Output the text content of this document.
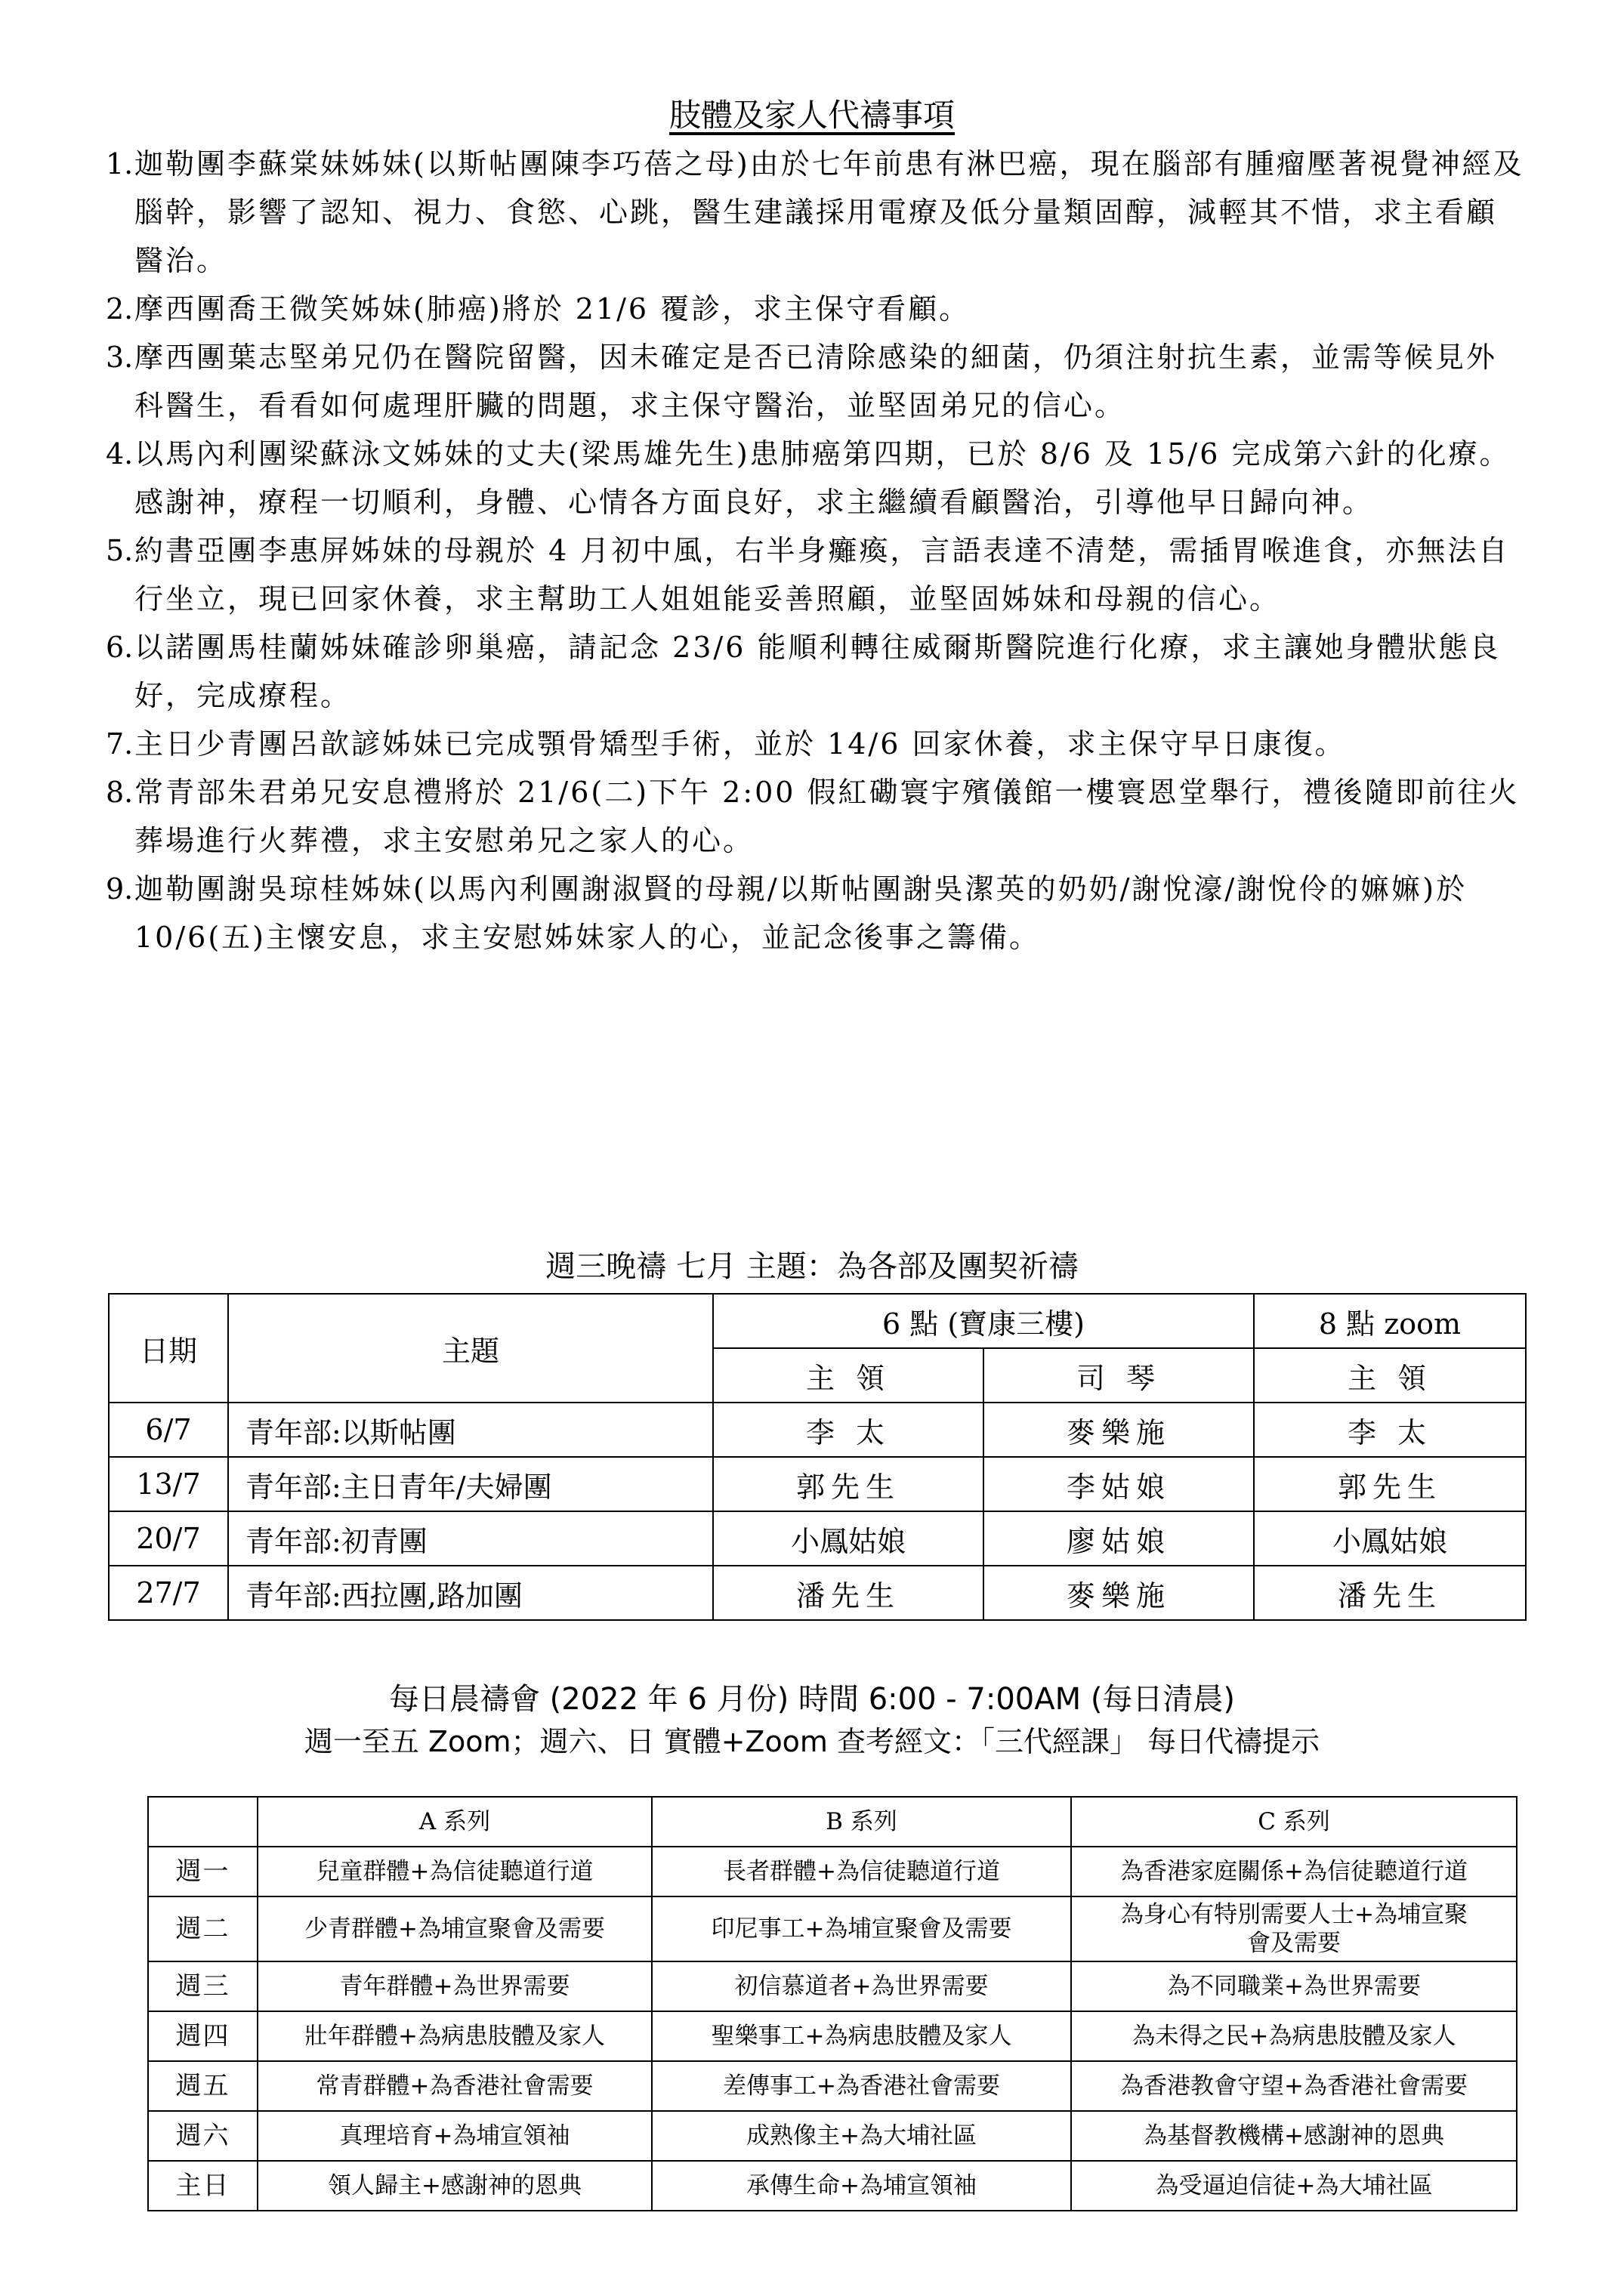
肢體及家人代禱事項
1. 迦勒團李蘇棠妹姊妹(以斯帖團陳李巧蓓之母)由於七年前患有淋巴癌，現在腦部有腫瘤壓著視覺神經及腦幹，影響了認知、視力、食慾、心跳，醫生建議採用電療及低分量類固醇，減輕其不惜，求主看顧醫治。
2. 摩西團喬王微笑姊妹(肺癌)將於 21/6 覆診，求主保守看顧。
3. 摩西團葉志堅弟兄仍在醫院留醫，因未確定是否已清除感染的細菌，仍須注射抗生素，並需等候見外科醫生，看看如何處理肝臟的問題，求主保守醫治，並堅固弟兄的信心。
4. 以馬內利團梁蘇泳文姊妹的丈夫(梁馬雄先生)患肺癌第四期，已於 8/6 及 15/6 完成第六針的化療。感謝神，療程一切順利，身體、心情各方面良好，求主繼續看顧醫治，引導他早日歸向神。
5. 約書亞團李惠屏姊妹的母親於 4 月初中風，右半身癱瘓，言語表達不清楚，需插胃喉進食，亦無法自行坐立，現已回家休養，求主幫助工人姐姐能妥善照顧，並堅固姊妹和母親的信心。
6. 以諾團馬桂蘭姊妹確診卵巢癌，請記念 23/6 能順利轉往威爾斯醫院進行化療，求主讓她身體狀態良好，完成療程。
7. 主日少青團呂歆諺姊妹已完成顎骨矯型手術，並於 14/6 回家休養，求主保守早日康復。
8. 常青部朱君弟兄安息禮將於 21/6(二)下午 2:00 假紅磡寰宇殯儀館一樓寰恩堂舉行，禮後隨即前往火葬場進行火葬禮，求主安慰弟兄之家人的心。
9. 迦勒團謝吳琼桂姊妹(以馬內利團謝淑賢的母親/以斯帖團謝吳潔英的奶奶/謝悅濠/謝悅伶的嫲嫲)於 10/6(五)主懷安息，求主安慰姊妹家人的心，並記念後事之籌備。
週三晚禱 七月 主題：為各部及團契祈禱
日期	主題	6 點 (寶康三樓)		8 點 zoom
		主 領	司 琴	主 領
6/7	青年部:以斯帖團	李 太	麥樂施	李 太
13/7	青年部:主日青年/夫婦團	郭先生	李姑娘	郭先生
20/7	青年部:初青團	小鳳姑娘	廖姑娘	小鳳姑娘
27/7	青年部:西拉團,路加團	潘先生	麥樂施	潘先生
每日晨禱會 (2022 年 6 月份) 時間 6:00 - 7:00AM (每日清晨)
週一至五 Zoom；週六、日 實體+Zoom 查考經文：「三代經課」 每日代禱提示
	A 系列	B 系列	C 系列
週一	兒童群體+為信徒聽道行道	長者群體+為信徒聽道行道	為香港家庭關係+為信徒聽道行道
週二	少青群體+為埔宣聚會及需要	印尼事工+為埔宣聚會及需要	為身心有特別需要人士+為埔宣聚會及需要
週三	青年群體+為世界需要	初信慕道者+為世界需要	為不同職業+為世界需要
週四	壯年群體+為病患肢體及家人	聖樂事工+為病患肢體及家人	為未得之民+為病患肢體及家人
週五	常青群體+為香港社會需要	差傳事工+為香港社會需要	為香港教會守望+為香港社會需要
週六	真理培育+為埔宣領袖	成熟像主+為大埔社區	為基督教機構+感謝神的恩典
主日	領人歸主+感謝神的恩典	承傳生命+為埔宣領袖	為受逼迫信徒+為大埔社區
